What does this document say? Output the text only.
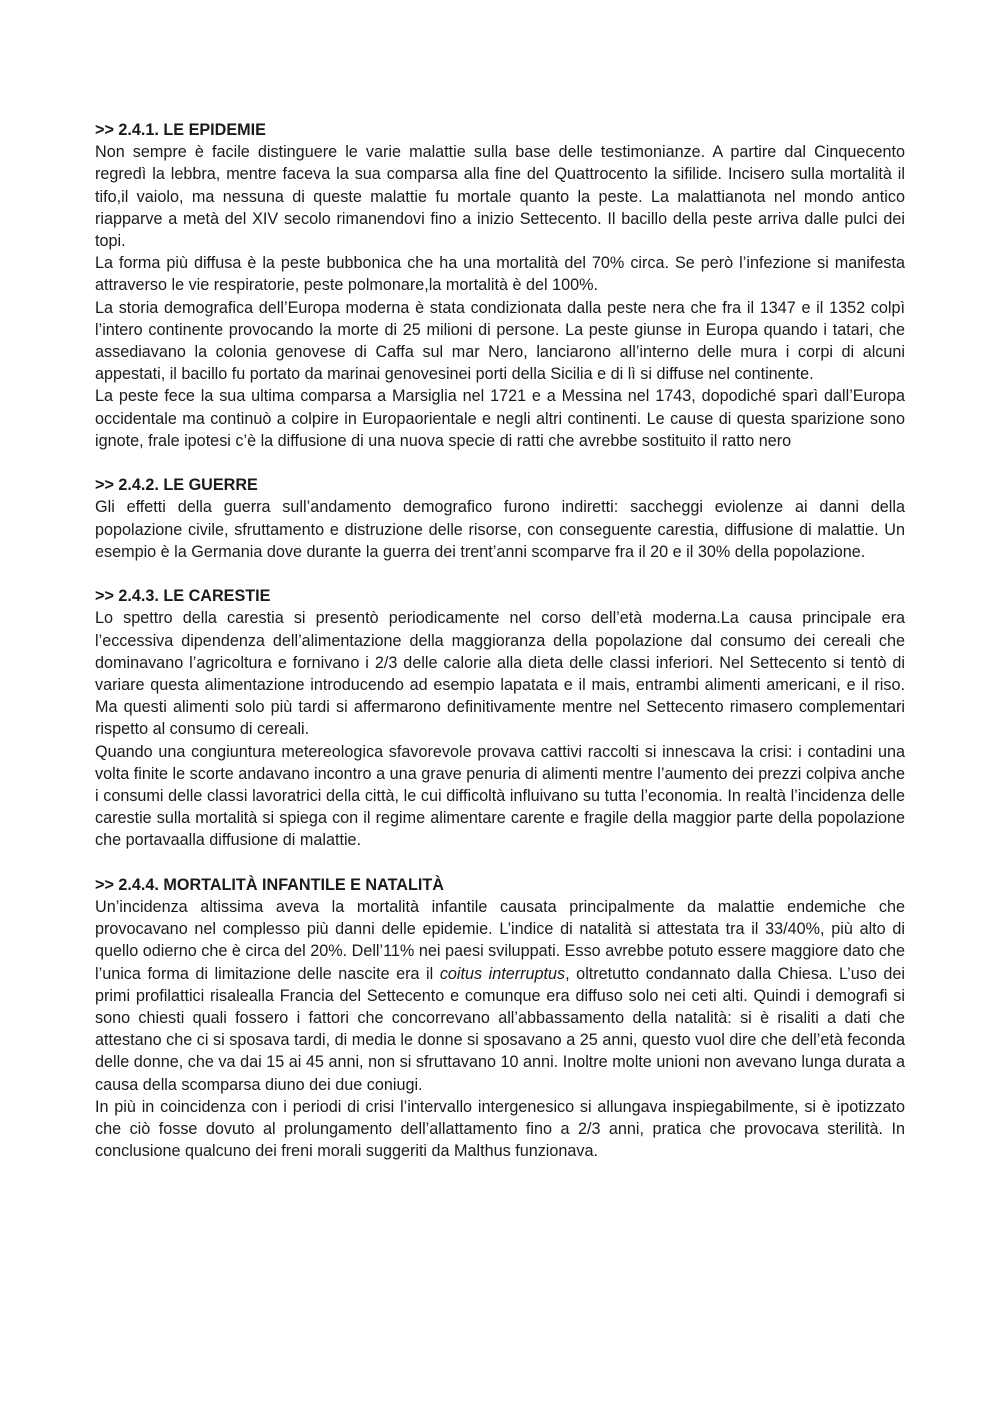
>> 2.4.1. LE EPIDEMIE

Non sempre è facile distinguere le varie malattie sulla base delle testimonianze. A partire dal Cinquecento regredì la lebbra, mentre faceva la sua comparsa alla fine del Quattrocento la sifilide. Incisero sulla mortalità il tifo,il vaiolo, ma nessuna di queste malattie fu mortale quanto la peste. La malattianota nel mondo antico riapparve a metà del XIV secolo rimanendovi fino a inizio Settecento. Il bacillo della peste arriva dalle pulci dei topi.

La forma più diffusa è la peste bubbonica che ha una mortalità del 70% circa. Se però l’infezione si manifesta attraverso le vie respiratorie, peste polmonare,la mortalità è del 100%.

La storia demografica dell’Europa moderna è stata condizionata dalla peste nera che fra il 1347 e il 1352 colpì l’intero continente provocando la morte di 25 milioni di persone. La peste giunse in Europa quando i tatari, che assediavano la colonia genovese di Caffa sul mar Nero, lanciarono all’interno delle mura i corpi di alcuni appestati, il bacillo fu portato da marinai genovesinei porti della Sicilia e di lì si diffuse nel continente.

La peste fece la sua ultima comparsa a Marsiglia nel 1721 e a Messina nel 1743, dopodiché sparì dall’Europa occidentale ma continuò a colpire in Europaorientale e negli altri continenti. Le cause di questa sparizione sono ignote, frale ipotesi c’è la diffusione di una nuova specie di ratti che avrebbe sostituito il ratto nero

>> 2.4.2. LE GUERRE

Gli effetti della guerra sull’andamento demografico furono indiretti: saccheggi eviolenze ai danni della popolazione civile, sfruttamento e distruzione delle risorse, con conseguente carestia, diffusione di malattie. Un esempio è la Germania dove durante la guerra dei trent’anni scomparve fra il 20 e il 30% della popolazione.

>> 2.4.3. LE CARESTIE

Lo spettro della carestia si presentò periodicamente nel corso dell’età moderna.La causa principale era l’eccessiva dipendenza dell’alimentazione della maggioranza della popolazione dal consumo dei cereali che dominavano l’agricoltura e fornivano i 2/3 delle calorie alla dieta delle classi inferiori. Nel Settecento si tentò di variare questa alimentazione introducendo ad esempio lapatata e il mais, entrambi alimenti americani, e il riso. Ma questi alimenti solo più tardi si affermarono definitivamente mentre nel Settecento rimasero complementari rispetto al consumo di cereali.

Quando una congiuntura metereologica sfavorevole provava cattivi raccolti si innescava la crisi: i contadini una volta finite le scorte andavano incontro a una grave penuria di alimenti mentre l’aumento dei prezzi colpiva anche i consumi delle classi lavoratrici della città, le cui difficoltà influivano su tutta l’economia. In realtà l’incidenza delle carestie sulla mortalità si spiega con il regime alimentare carente e fragile della maggior parte della popolazione che portavaalla diffusione di malattie.

>> 2.4.4. MORTALITÀ INFANTILE E NATALITÀ

Un’incidenza altissima aveva la mortalità infantile causata principalmente da malattie endemiche che provocavano nel complesso più danni delle epidemie. L’indice di natalità si attestata tra il 33/40%, più alto di quello odierno che è circa del 20%. Dell’11% nei paesi sviluppati. Esso avrebbe potuto essere maggiore dato che l’unica forma di limitazione delle nascite era il coitus interruptus, oltretutto condannato dalla Chiesa. L’uso dei primi profilattici risalealla Francia del Settecento e comunque era diffuso solo nei ceti alti. Quindi i demografi si sono chiesti quali fossero i fattori che concorrevano all’abbassamento della natalità: si è risaliti a dati che attestano che ci si sposava tardi, di media le donne si sposavano a 25 anni, questo vuol dire che dell’età feconda delle donne, che va dai 15 ai 45 anni, non si sfruttavano 10 anni. Inoltre molte unioni non avevano lunga durata a causa della scomparsa diuno dei due coniugi.

In più in coincidenza con i periodi di crisi l’intervallo intergenesico si allungava inspiegabilmente, si è ipotizzato che ciò fosse dovuto al prolungamento dell’allattamento fino a 2/3 anni, pratica che provocava sterilità. In conclusione qualcuno dei freni morali suggeriti da Malthus funzionava.
